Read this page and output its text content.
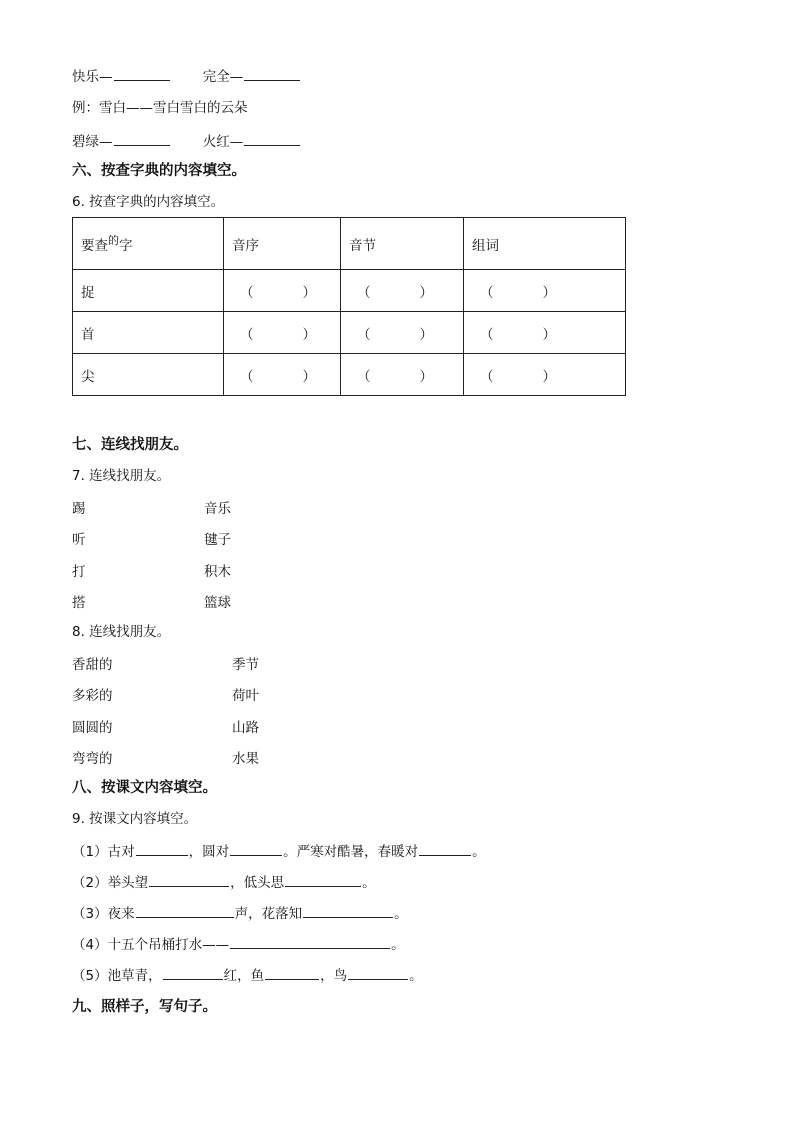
快乐—	完全—
例：雪白——雪白雪白的云朵
碧绿—	火红—
六、按查字典的内容填空。
6. 按查字典的内容填空。
要查$^的$字	音序	音节	组词
捉	（ ）	（ ）	（ ）

首	（ ）	（ ）	（ ）

尖	（ ）	（ ）	（ ）
七、连线找朋友。
7. 连线找朋友。
踢	音乐
听	毽子
打	积木
搭	篮球
8. 连线找朋友。
香甜的	季节
多彩的	荷叶
圆圆的	山路
弯弯的	水果
八、按课文内容填空。
9. 按课文内容填空。
（1）古对	，圆对	。严寒对酷暑，春暖对	。
（2）举头望	，低头思	。
（3）夜来	声，花落知	。
（4）十五个吊桶打水——	。
（5）池草青，	红，鱼	，鸟	。
九、照样子，写句子。
